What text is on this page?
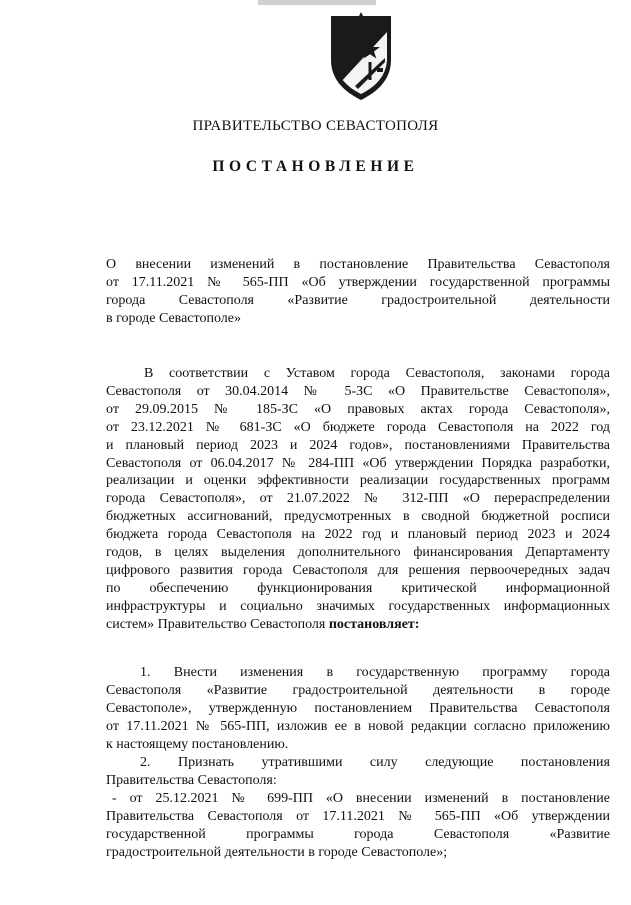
ПРАВИТЕЛЬСТВО СЕВАСТОПОЛЯ
ПОСТАНОВЛЕНИЕ
О внесении изменений в постановление Правительства Севастополя
от 17.11.2021 № 565-ПП «Об утверждении государственной программы
города Севастополя «Развитие градостроительной деятельности
в городе Севастополе»
В соответствии с Уставом города Севастополя, законами города
Севастополя от 30.04.2014 № 5-ЗС «О Правительстве Севастополя»,
от 29.09.2015 № 185-ЗС «О правовых актах города Севастополя»,
от 23.12.2021 № 681-ЗС «О бюджете города Севастополя на 2022 год
и плановый период 2023 и 2024 годов», постановлениями Правительства
Севастополя от 06.04.2017 № 284-ПП «Об утверждении Порядка разработки,
реализации и оценки эффективности реализации государственных программ
города Севастополя», от 21.07.2022 № 312-ПП «О перераспределении
бюджетных ассигнований, предусмотренных в сводной бюджетной росписи
бюджета города Севастополя на 2022 год и плановый период 2023 и 2024
годов, в целях выделения дополнительного финансирования Департаменту
цифрового развития города Севастополя для решения первоочередных задач
по обеспечению функционирования критической информационной
инфраструктуры и социально значимых государственных информационных
систем» Правительство Севастополя постановляет:
1. Внести изменения в государственную программу города
Севастополя «Развитие градостроительной деятельности в городе
Севастополе», утвержденную постановлением Правительства Севастополя
от 17.11.2021 № 565-ПП, изложив ее в новой редакции согласно приложению
к настоящему постановлению.
2. Признать утратившими силу следующие постановления
Правительства Севастополя:
- от 25.12.2021 № 699-ПП «О внесении изменений в постановление
Правительства Севастополя от 17.11.2021 № 565-ПП «Об утверждении
государственной программы города Севастополя «Развитие
градостроительной деятельности в городе Севастополе»;
